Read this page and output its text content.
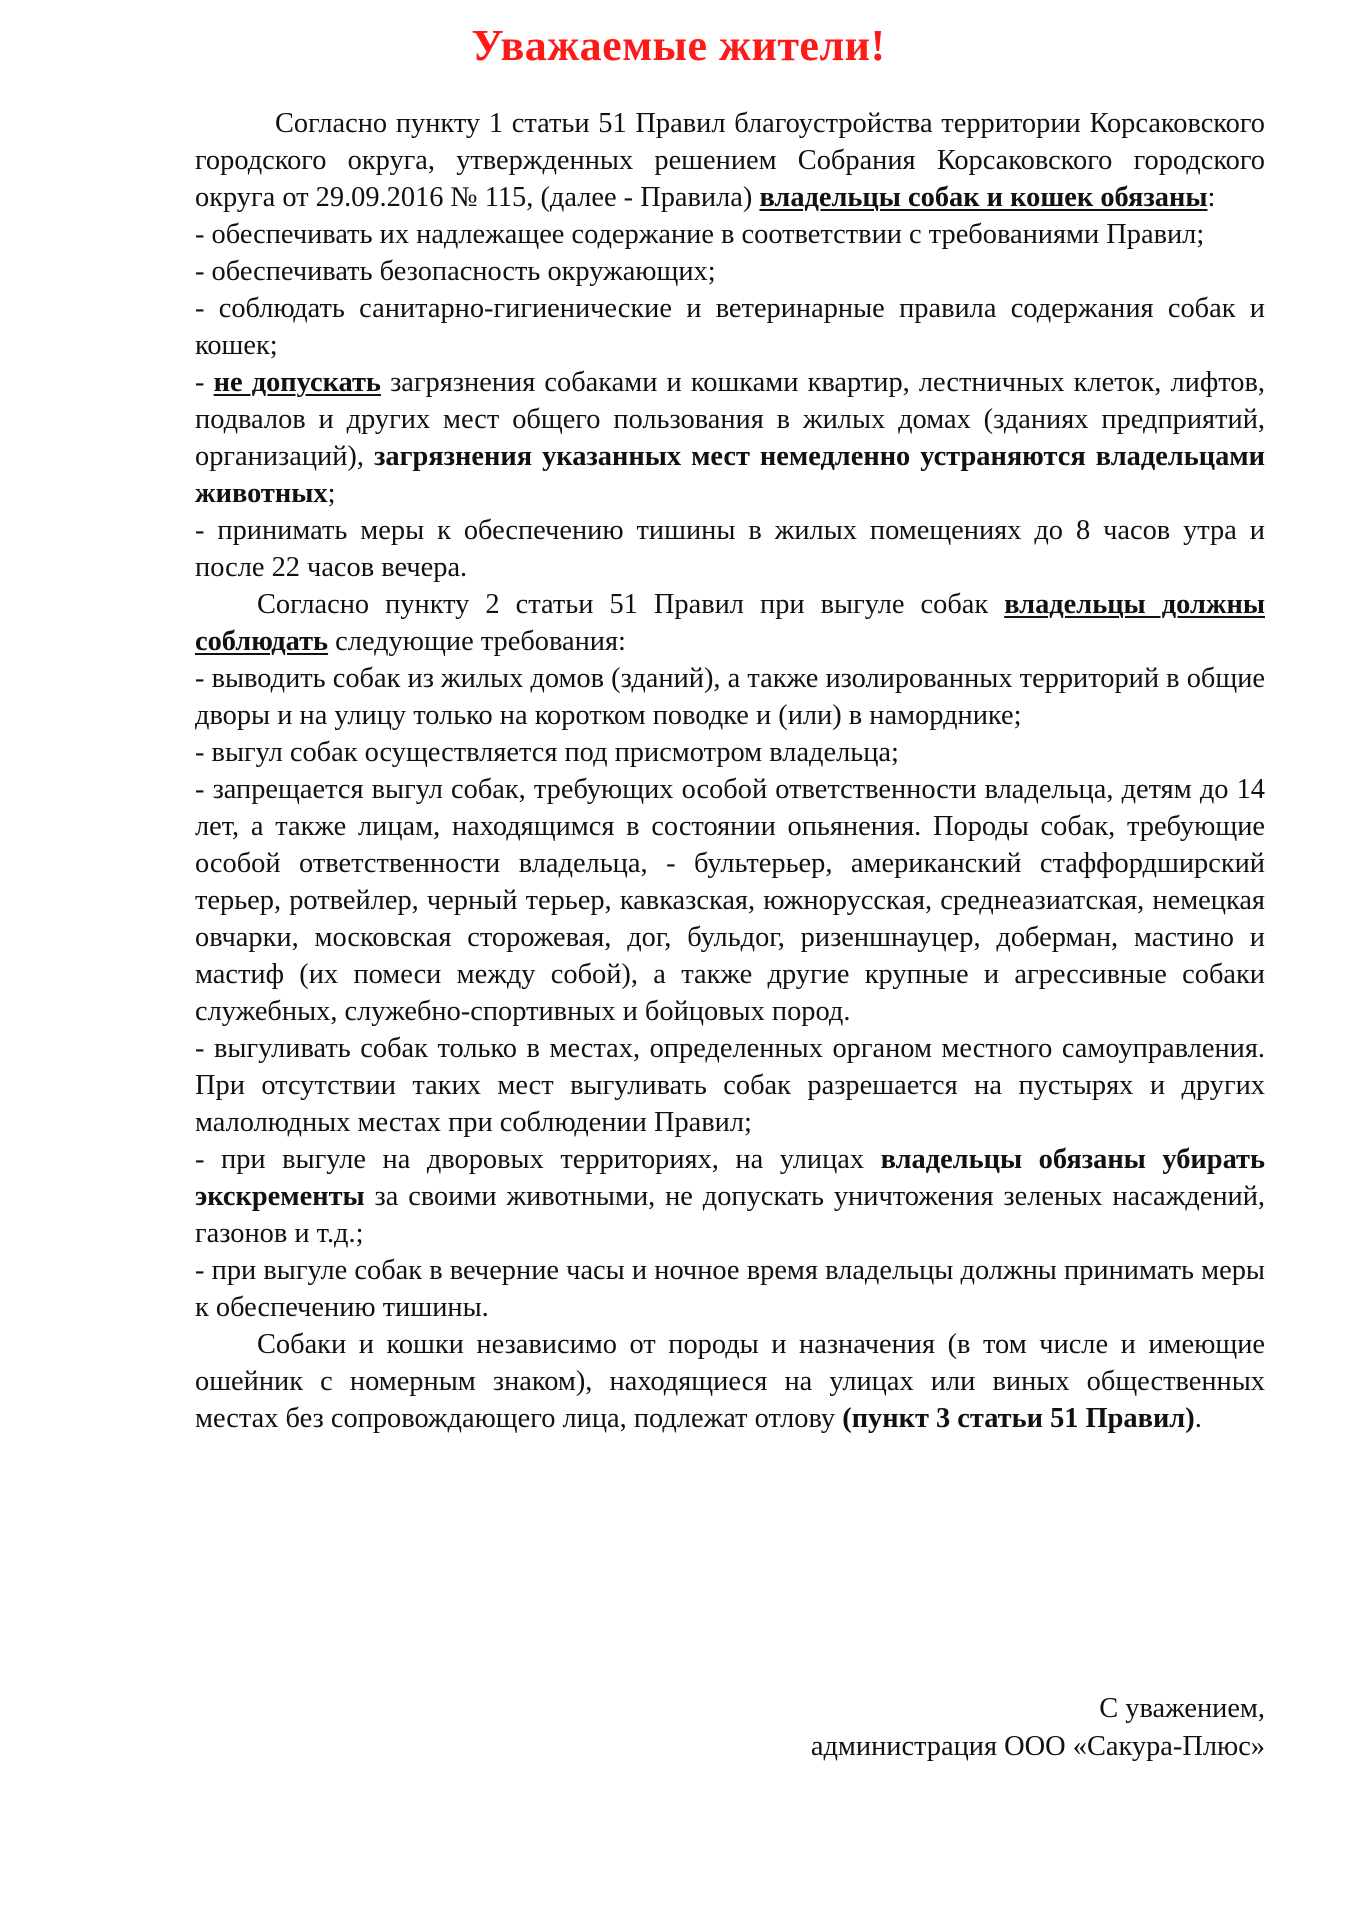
Уважаемые жители!

Согласно пункту 1 статьи 51 Правил благоустройства территории Корсаковского городского округа, утвержденных решением Собрания Корсаковского городского округа от 29.09.2016 № 115, (далее - Правила) владельцы собак и кошек обязаны:

- обеспечивать их надлежащее содержание в соответствии с требованиями Правил;

- обеспечивать безопасность окружающих;

- соблюдать санитарно-гигиенические и ветеринарные правила содержания собак и кошек;

- не допускать загрязнения собаками и кошками квартир, лестничных клеток, лифтов, подвалов и других мест общего пользования в жилых домах (зданиях предприятий, организаций), загрязнения указанных мест немедленно устраняются владельцами животных;

- принимать меры к обеспечению тишины в жилых помещениях до 8 часов утра и после 22 часов вечера.

Согласно пункту 2 статьи 51 Правил при выгуле собак владельцы должны соблюдать следующие требования:

- выводить собак из жилых домов (зданий), а также изолированных территорий в общие дворы и на улицу только на коротком поводке и (или) в наморднике;

- выгул собак осуществляется под присмотром владельца;

- запрещается выгул собак, требующих особой ответственности владельца, детям до 14 лет, а также лицам, находящимся в состоянии опьянения. Породы собак, требующие особой ответственности владельца, - бультерьер, американский стаффордширский терьер, ротвейлер, черный терьер, кавказская, южнорусская, среднеазиатская, немецкая овчарки, московская сторожевая, дог, бульдог, ризеншнауцер, доберман, мастино и мастиф (их помеси между собой), а также другие крупные и агрессивные собаки служебных, служебно-спортивных и бойцовых пород.

- выгуливать собак только в местах, определенных органом местного самоуправления. При отсутствии таких мест выгуливать собак разрешается на пустырях и других малолюдных местах при соблюдении Правил;

- при выгуле на дворовых территориях, на улицах владельцы обязаны убирать экскременты за своими животными, не допускать уничтожения зеленых насаждений, газонов и т.д.;

- при выгуле собак в вечерние часы и ночное время владельцы должны принимать меры к обеспечению тишины.

Собаки и кошки независимо от породы и назначения (в том числе и имеющие ошейник с номерным знаком), находящиеся на улицах или виных общественных местах без сопровождающего лица, подлежат отлову (пункт 3 статьи 51 Правил).

С уважением,
администрация ООО «Сакура-Плюс»
